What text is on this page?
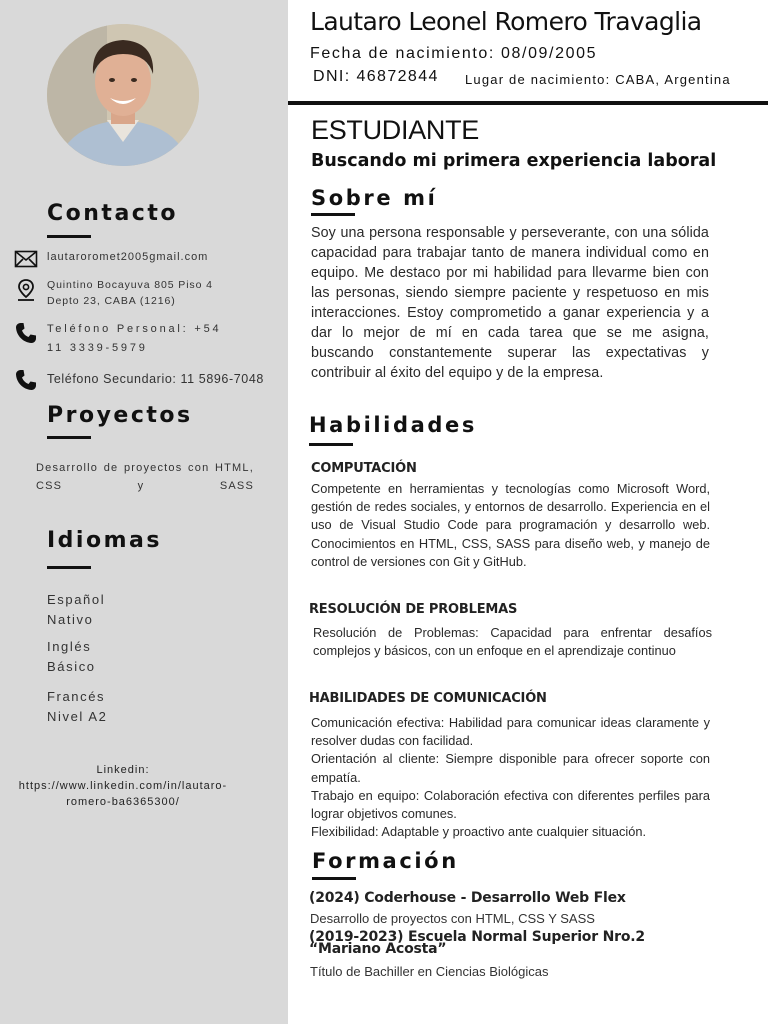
Contacto
lautaroromet2005gmail.com
Quintino Bocayuva 805 Piso 4
Depto 23, CABA (1216)
Teléfono Personal: +54 11 3339-5979
Teléfono Secundario: 11 5896-7048
Proyectos
Desarrollo de proyectos con HTML, CSS y SASS
Idiomas
Español
Nativo
Inglés
Básico
Francés
Nivel A2
Linkedin:
https://www.linkedin.com/in/lautaro-
romero-ba6365300/
Lautaro Leonel Romero Travaglia
Fecha de nacimiento: 08/09/2005
DNI: 46872844 Lugar de nacimiento: CABA, Argentina
ESTUDIANTE
Buscando mi primera experiencia laboral
Sobre mí
Soy una persona responsable y perseverante, con una sólida capacidad para trabajar tanto de manera individual como en equipo. Me destaco por mi habilidad para llevarme bien con las personas, siendo siempre paciente y respetuoso en mis interacciones. Estoy comprometido a ganar experiencia y a dar lo mejor de mí en cada tarea que se me asigna, buscando constantemente superar las expectativas y contribuir al éxito del equipo y de la empresa.
Habilidades
COMPUTACIÓN
Competente en herramientas y tecnologías como Microsoft Word, gestión de redes sociales, y entornos de desarrollo. Experiencia en el uso de Visual Studio Code para programación y desarrollo web. Conocimientos en HTML, CSS, SASS para diseño web, y manejo de control de versiones con Git y GitHub.
RESOLUCIÓN DE PROBLEMAS
Resolución de Problemas: Capacidad para enfrentar desafíos complejos y básicos, con un enfoque en el aprendizaje continuo
HABILIDADES DE COMUNICACIÓN
Comunicación efectiva: Habilidad para comunicar ideas claramente y resolver dudas con facilidad.
Orientación al cliente: Siempre disponible para ofrecer soporte con empatía.
Trabajo en equipo: Colaboración efectiva con diferentes perfiles para lograr objetivos comunes.
Flexibilidad: Adaptable y proactivo ante cualquier situación.
Formación
(2024) Coderhouse - Desarrollo Web Flex
Desarrollo de proyectos con HTML, CSS Y SASS
(2019-2023) Escuela Normal Superior Nro.2
“Mariano Acosta”
Título de Bachiller en Ciencias Biológicas
